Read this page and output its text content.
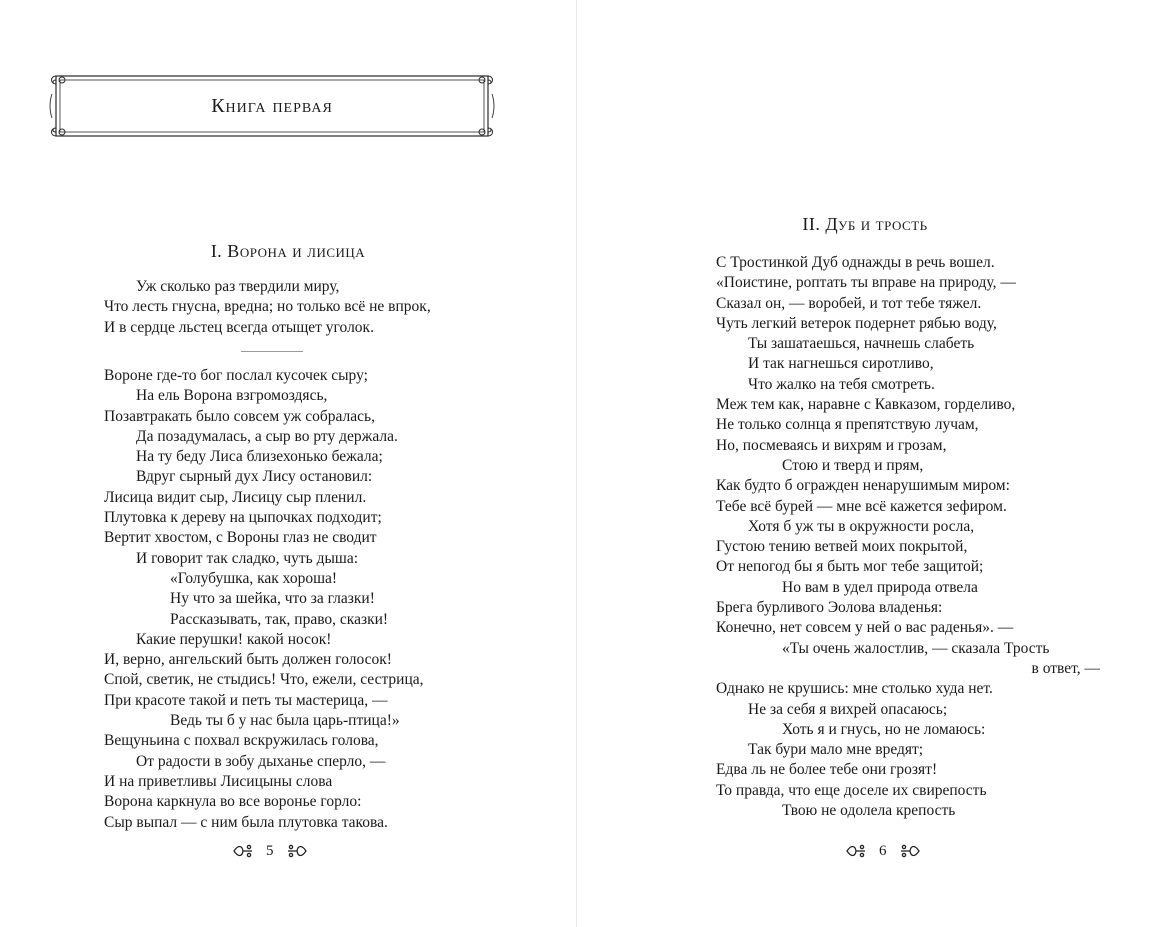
Книга первая
I. Ворона и лисица
Уж сколько раз твердили миру,
Что лесть гнусна, вредна; но только всё не впрок,
И в сердце льстец всегда отыщет уголок.
Вороне где-то бог послал кусочек сыру;
На ель Ворона взгромоздясь,
Позавтракать было совсем уж собралась,
Да позадумалась, а сыр во рту держала.
На ту беду Лиса близехонько бежала;
Вдруг сырный дух Лису остановил:
Лисица видит сыр, Лисицу сыр пленил.
Плутовка к дереву на цыпочках подходит;
Вертит хвостом, с Вороны глаз не сводит
И говорит так сладко, чуть дыша:
«Голубушка, как хороша!
Ну что за шейка, что за глазки!
Рассказывать, так, право, сказки!
Какие перушки! какой носок!
И, верно, ангельский быть должен голосок!
Спой, светик, не стыдись! Что, ежели, сестрица,
При красоте такой и петь ты мастерица, —
Ведь ты б у нас была царь-птица!»
Вещуньина с похвал вскружилась голова,
От радости в зобу дыханье сперло, —
И на приветливы Лисицыны слова
Ворона каркнула во все воронье горло:
Сыр выпал — с ним была плутовка такова.
5
II. Дуб и трость
С Тростинкой Дуб однажды в речь вошел.
«Поистине, роптать ты вправе на природу, —
Сказал он, — воробей, и тот тебе тяжел.
Чуть легкий ветерок подернет рябью воду,
Ты зашатаешься, начнешь слабеть
И так нагнешься сиротливо,
Что жалко на тебя смотреть.
Меж тем как, наравне с Кавказом, горделиво,
Не только солнца я препятствую лучам,
Но, посмеваясь и вихрям и грозам,
Стою и тверд и прям,
Как будто б огражден ненарушимым миром:
Тебе всё бурей — мне всё кажется зефиром.
Хотя б уж ты в окружности росла,
Густою тению ветвей моих покрытой,
От непогод бы я быть мог тебе защитой;
Но вам в удел природа отвела
Брега бурливого Эолова владенья:
Конечно, нет совсем у ней о вас раденья». —
«Ты очень жалостлив, — сказала Трость
в ответ, —
Однако не крушись: мне столько худа нет.
Не за себя я вихрей опасаюсь;
Хоть я и гнусь, но не ломаюсь:
Так бури мало мне вредят;
Едва ль не более тебе они грозят!
То правда, что еще доселе их свирепость
Твою не одолела крепость
6
